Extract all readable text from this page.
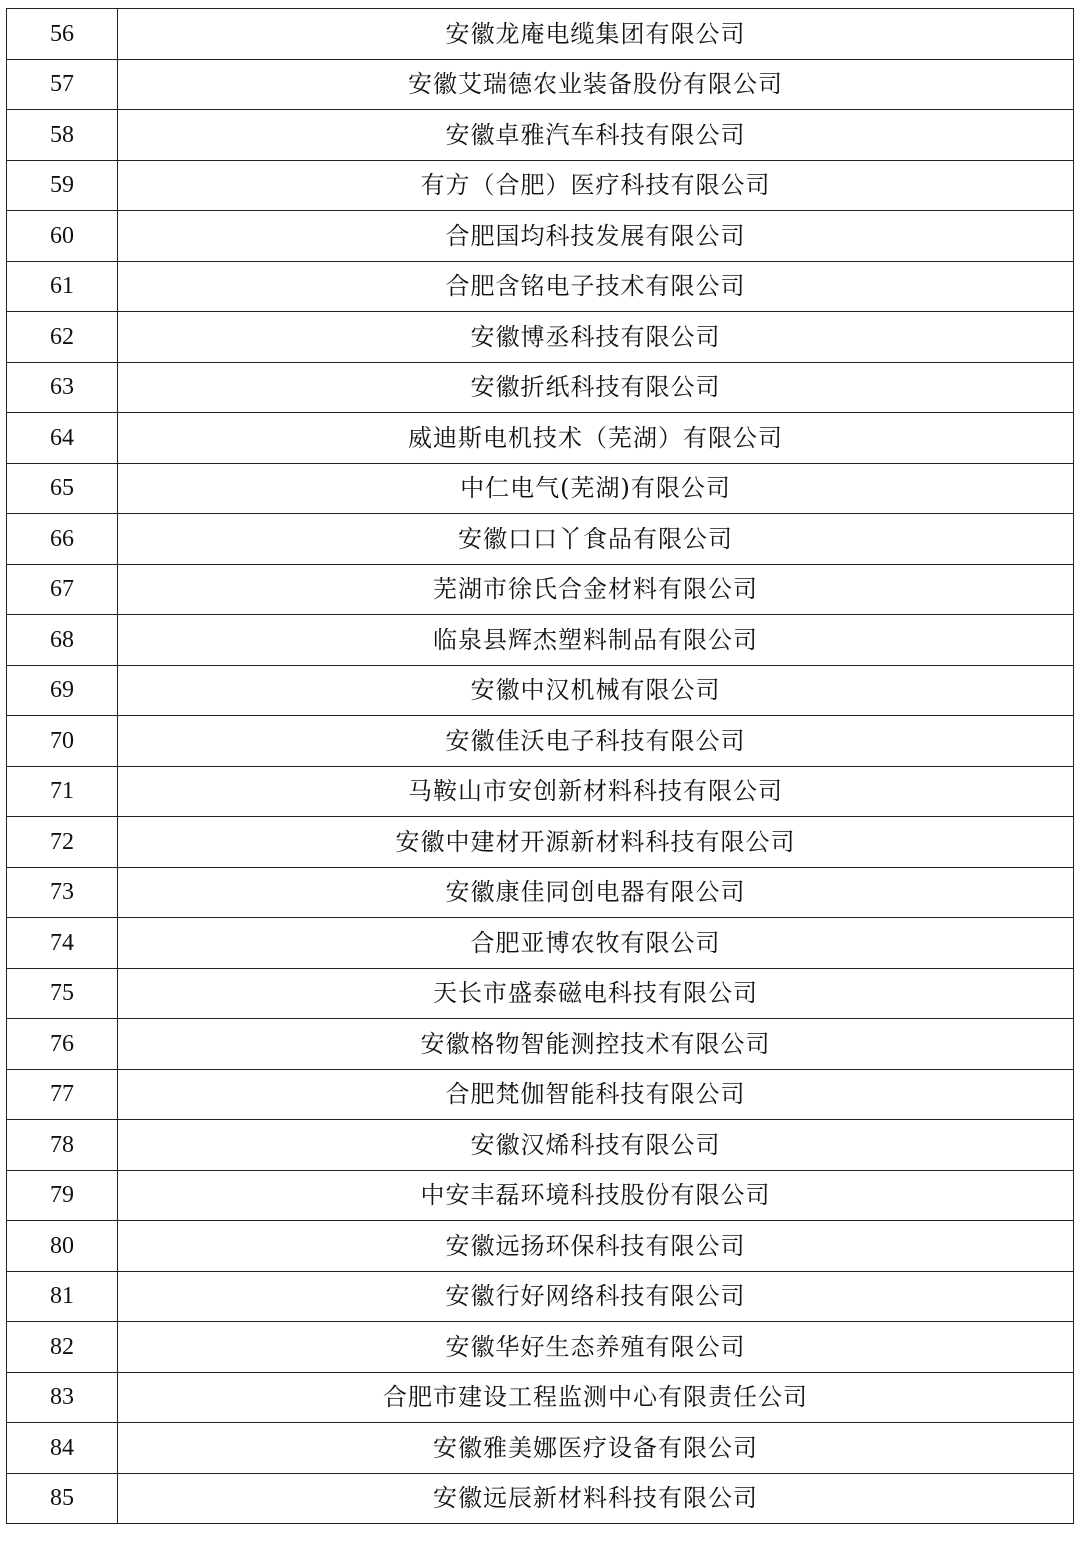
56	安徽龙庵电缆集团有限公司
57	安徽艾瑞德农业装备股份有限公司
58	安徽卓雅汽车科技有限公司
59	有方（合肥）医疗科技有限公司
60	合肥国均科技发展有限公司
61	合肥含铭电子技术有限公司
62	安徽博丞科技有限公司
63	安徽折纸科技有限公司
64	威迪斯电机技术（芜湖）有限公司
65	中仁电气(芜湖)有限公司
66	安徽口口丫食品有限公司
67	芜湖市徐氏合金材料有限公司
68	临泉县辉杰塑料制品有限公司
69	安徽中汉机械有限公司
70	安徽佳沃电子科技有限公司
71	马鞍山市安创新材料科技有限公司
72	安徽中建材开源新材料科技有限公司
73	安徽康佳同创电器有限公司
74	合肥亚博农牧有限公司
75	天长市盛泰磁电科技有限公司
76	安徽格物智能测控技术有限公司
77	合肥梵伽智能科技有限公司
78	安徽汉烯科技有限公司
79	中安丰磊环境科技股份有限公司
80	安徽远扬环保科技有限公司
81	安徽行好网络科技有限公司
82	安徽华好生态养殖有限公司
83	合肥市建设工程监测中心有限责任公司
84	安徽雅美娜医疗设备有限公司
85	安徽远辰新材料科技有限公司
